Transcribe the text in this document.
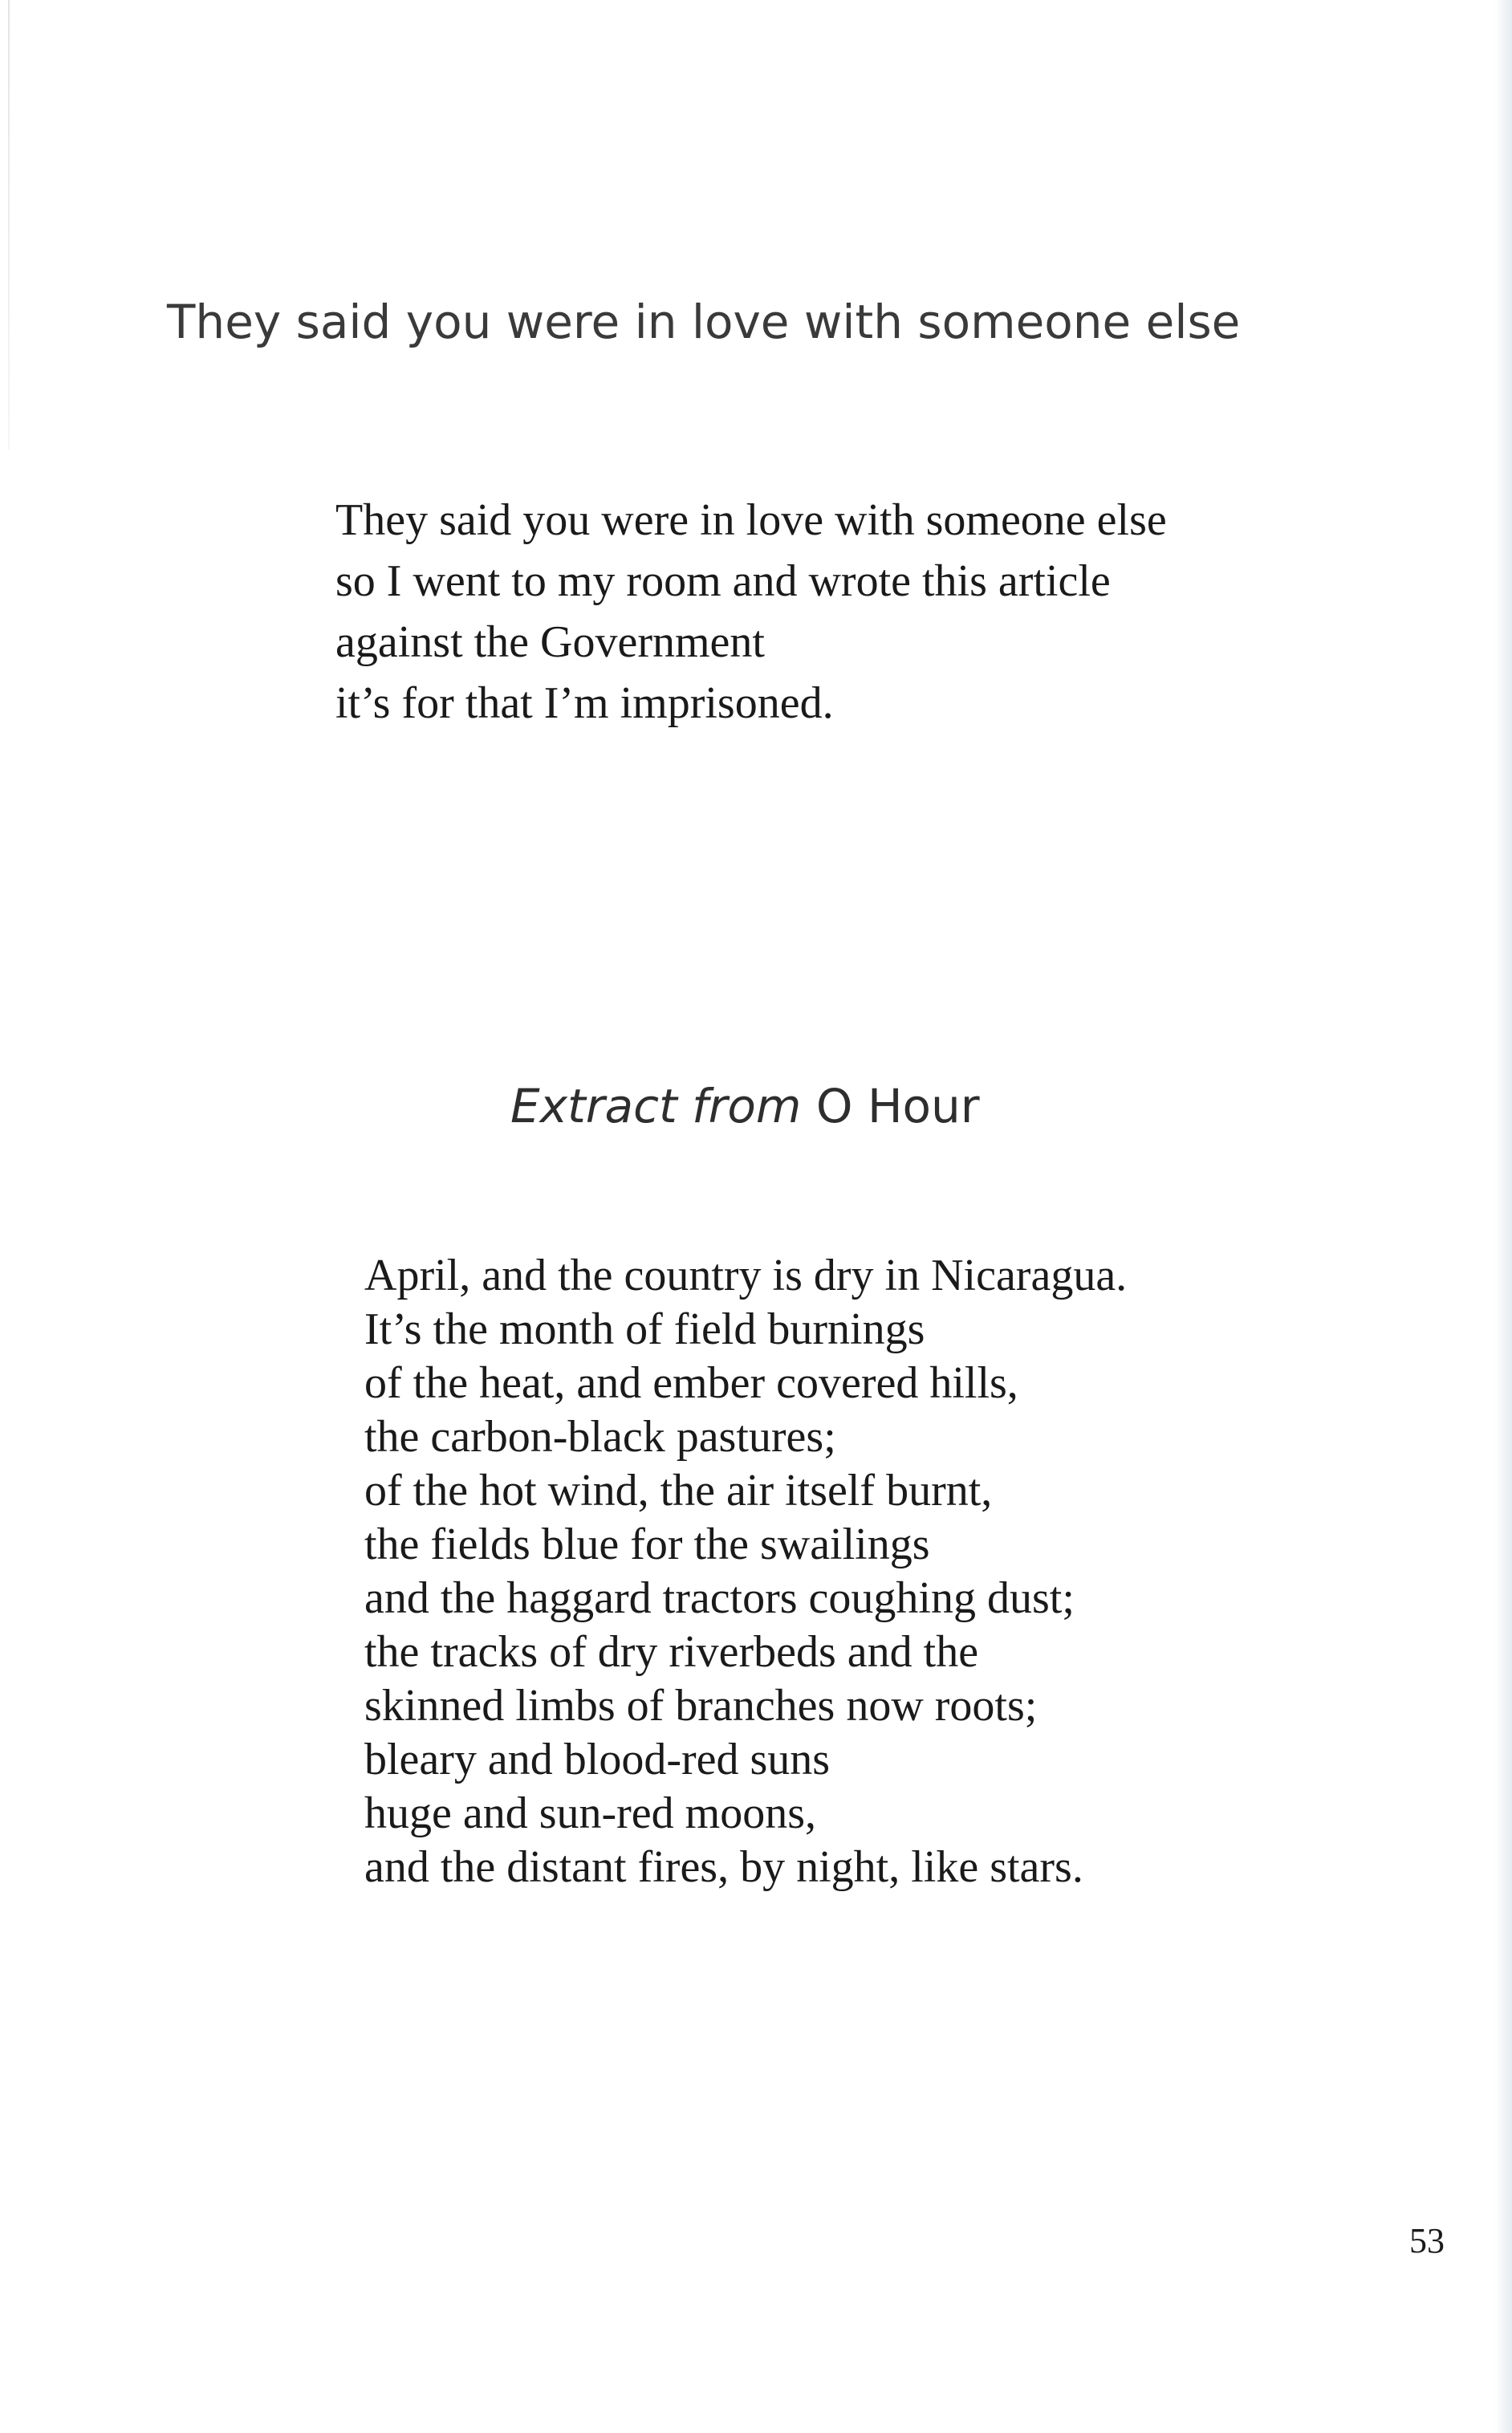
They said you were in love with someone else
They said you were in love with someone else
so I went to my room and wrote this article
against the Government
it’s for that I’m imprisoned.
Extract from O Hour
April, and the country is dry in Nicaragua.
It’s the month of field burnings
of the heat, and ember covered hills,
the carbon-black pastures;
of the hot wind, the air itself burnt,
the fields blue for the swailings
and the haggard tractors coughing dust;
the tracks of dry riverbeds and the
skinned limbs of branches now roots;
bleary and blood-red suns
huge and sun-red moons,
and the distant fires, by night, like stars.
53
